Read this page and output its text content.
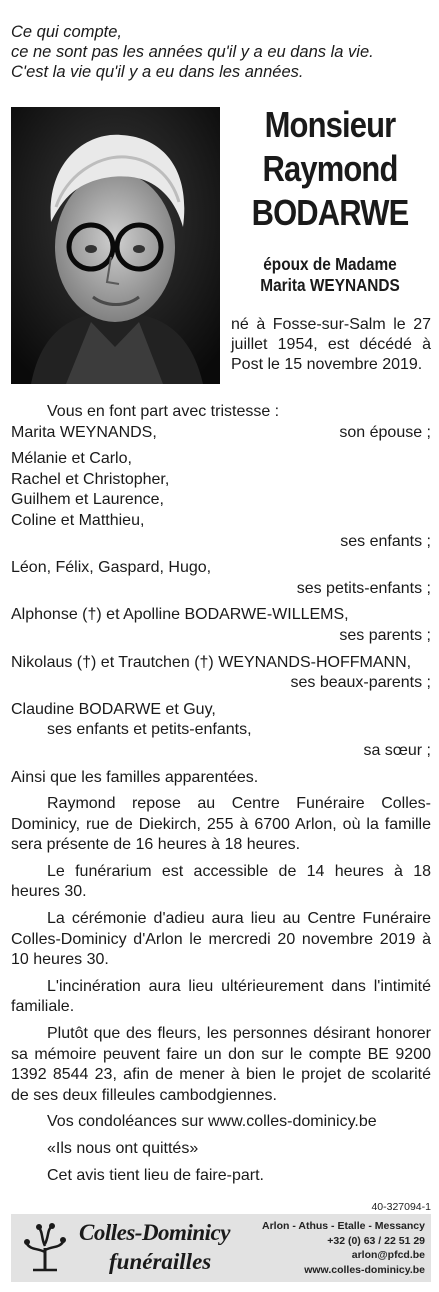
Ce qui compte,
ce ne sont pas les années qu'il y a eu dans la vie.
C'est la vie qu'il y a eu dans les années.
Monsieur
Raymond
BODARWE
époux de Madame
Marita WEYNANDS
né à Fosse-sur-Salm le 27 juillet 1954, est décédé à Post le 15 novembre 2019.
Vous en font part avec tristesse :
Marita WEYNANDS,	son épouse ;
Mélanie et Carlo,
Rachel et Christopher,
Guilhem et Laurence,
Coline et Matthieu,
ses enfants ;
Léon, Félix, Gaspard, Hugo,
ses petits-enfants ;
Alphonse (†) et Apolline BODARWE-WILLEMS,
ses parents ;
Nikolaus (†) et Trautchen (†) WEYNANDS-HOFFMANN,
ses beaux-parents ;
Claudine BODARWE et Guy,
ses enfants et petits-enfants,
sa sœur ;
Ainsi que les familles apparentées.
Raymond repose au Centre Funéraire Colles-Dominicy, rue de Diekirch, 255 à 6700 Arlon, où la famille sera présente de 16 heures à 18 heures.
Le funérarium est accessible de 14 heures à 18 heures 30.
La cérémonie d'adieu aura lieu au Centre Funéraire Colles-Dominicy d'Arlon le mercredi 20 novembre 2019 à 10 heures 30.
L'incinération aura lieu ultérieurement dans l'intimité familiale.
Plutôt que des fleurs, les personnes désirant honorer sa mémoire peuvent faire un don sur le compte BE 9200 1392 8544 23, afin de mener à bien le projet de scolarité de ses deux filleules cambodgiennes.
Vos condoléances sur www.colles-dominicy.be
«Ils nous ont quittés»
Cet avis tient lieu de faire-part.
40-327094-1
Colles-Dominicy
funérailles
Arlon - Athus - Etalle - Messancy
+32 (0) 63 / 22 51 29
arlon@pfcd.be
www.colles-dominicy.be
